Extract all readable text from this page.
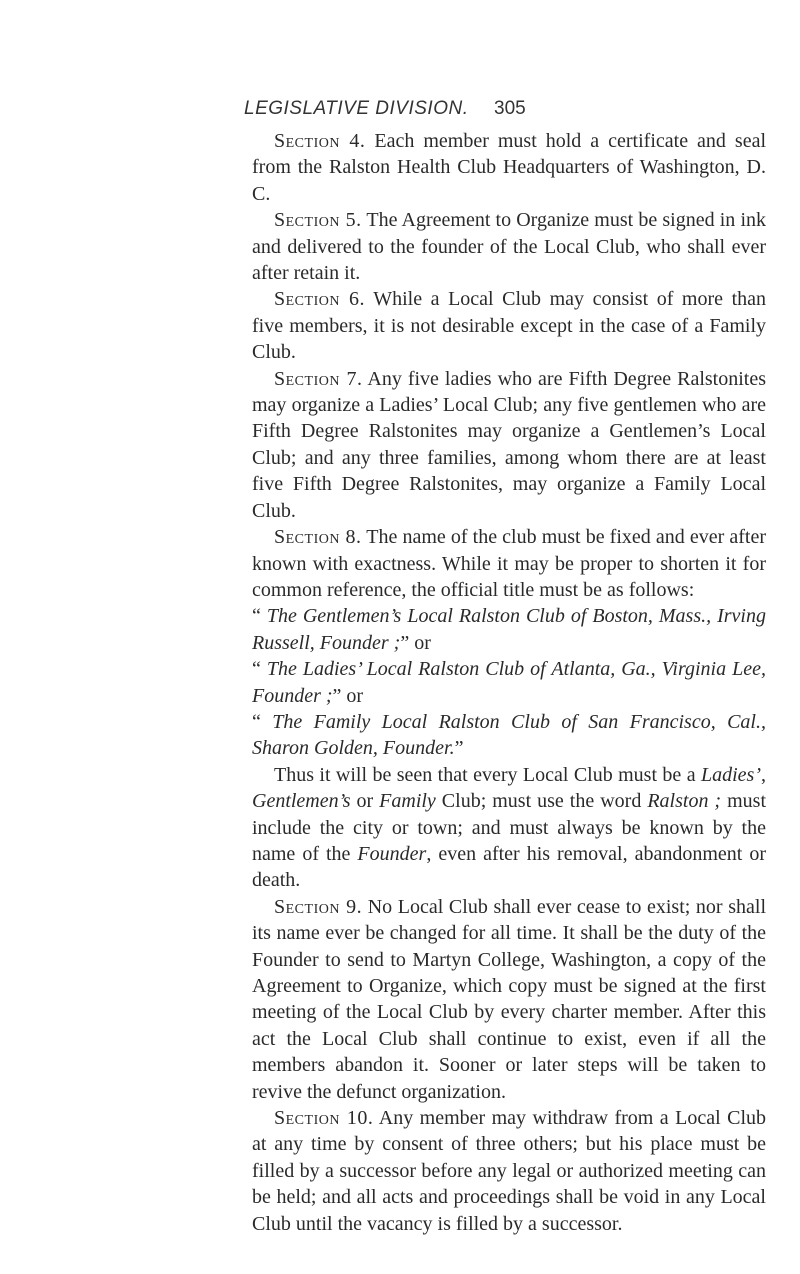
LEGISLATIVE DIVISION. 305

Section 4. Each member must hold a certificate and seal from the Ralston Health Club Headquarters of Washington, D. C.

Section 5. The Agreement to Organize must be signed in ink and delivered to the founder of the Local Club, who shall ever after retain it.

Section 6. While a Local Club may consist of more than five members, it is not desirable except in the case of a Family Club.

Section 7. Any five ladies who are Fifth Degree Ralstonites may organize a Ladies’ Local Club; any five gentlemen who are Fifth Degree Ralstonites may organize a Gentlemen’s Local Club; and any three families, among whom there are at least five Fifth Degree Ralstonites, may organize a Family Local Club.

Section 8. The name of the club must be fixed and ever after known with exactness. While it may be proper to shorten it for common reference, the official title must be as follows:

“ The Gentlemen’s Local Ralston Club of Boston, Mass., Irving Russell, Founder ;” or

“ The Ladies’ Local Ralston Club of Atlanta, Ga., Virginia Lee, Founder ;” or

“ The Family Local Ralston Club of San Francisco, Cal., Sharon Golden, Founder.”

Thus it will be seen that every Local Club must be a Ladies’, Gentlemen’s or Family Club; must use the word Ralston ; must include the city or town; and must always be known by the name of the Founder, even after his removal, abandonment or death.

Section 9. No Local Club shall ever cease to exist; nor shall its name ever be changed for all time. It shall be the duty of the Founder to send to Martyn College, Washington, a copy of the Agreement to Organize, which copy must be signed at the first meeting of the Local Club by every charter member. After this act the Local Club shall continue to exist, even if all the members abandon it. Sooner or later steps will be taken to revive the defunct organization.

Section 10. Any member may withdraw from a Local Club at any time by consent of three others; but his place must be filled by a successor before any legal or authorized meeting can be held; and all acts and proceedings shall be void in any Local Club until the vacancy is filled by a successor.
